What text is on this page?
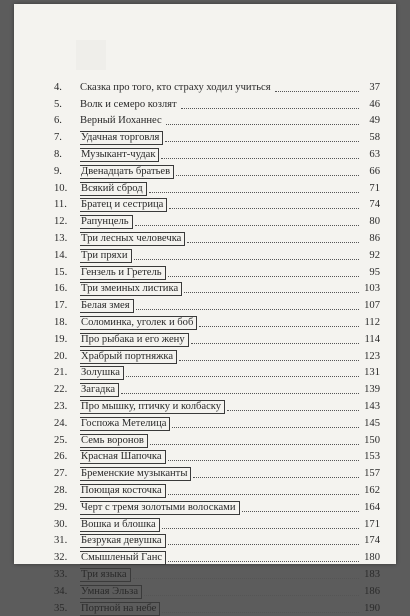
4.	Сказка про того, кто страху ходил учиться	37
5.	Волк и семеро козлят	46
6.	Верный Иоханнес	49
7.	Удачная торговля	58
8.	Музыкант-чудак	63
9.	Двенадцать братьев	66
10.	Всякий сброд	71
11.	Братец и сестрица	74
12.	Рапунцель	80
13.	Три лесных человечка	86
14.	Три пряхи	92
15.	Гензель и Гретель	95
16.	Три змеиных листика	103
17.	Белая змея	107
18.	Соломинка, уголек и боб	112
19.	Про рыбака и его жену	114
20.	Храбрый портняжка	123
21.	Золушка	131
22.	Загадка	139
23.	Про мышку, птичку и колбаску	143
24.	Госпожа Метелица	145
25.	Семь воронов	150
26.	Красная Шапочка	153
27.	Бременские музыканты	157
28.	Поющая косточка	162
29.	Черт с тремя золотыми волосками	164
30.	Вошка и блошка	171
31.	Безрукая девушка	174
32.	Смышленый Ганс	180
33.	Три языка	183
34.	Умная Эльза	186
35.	Портной на небе	190
